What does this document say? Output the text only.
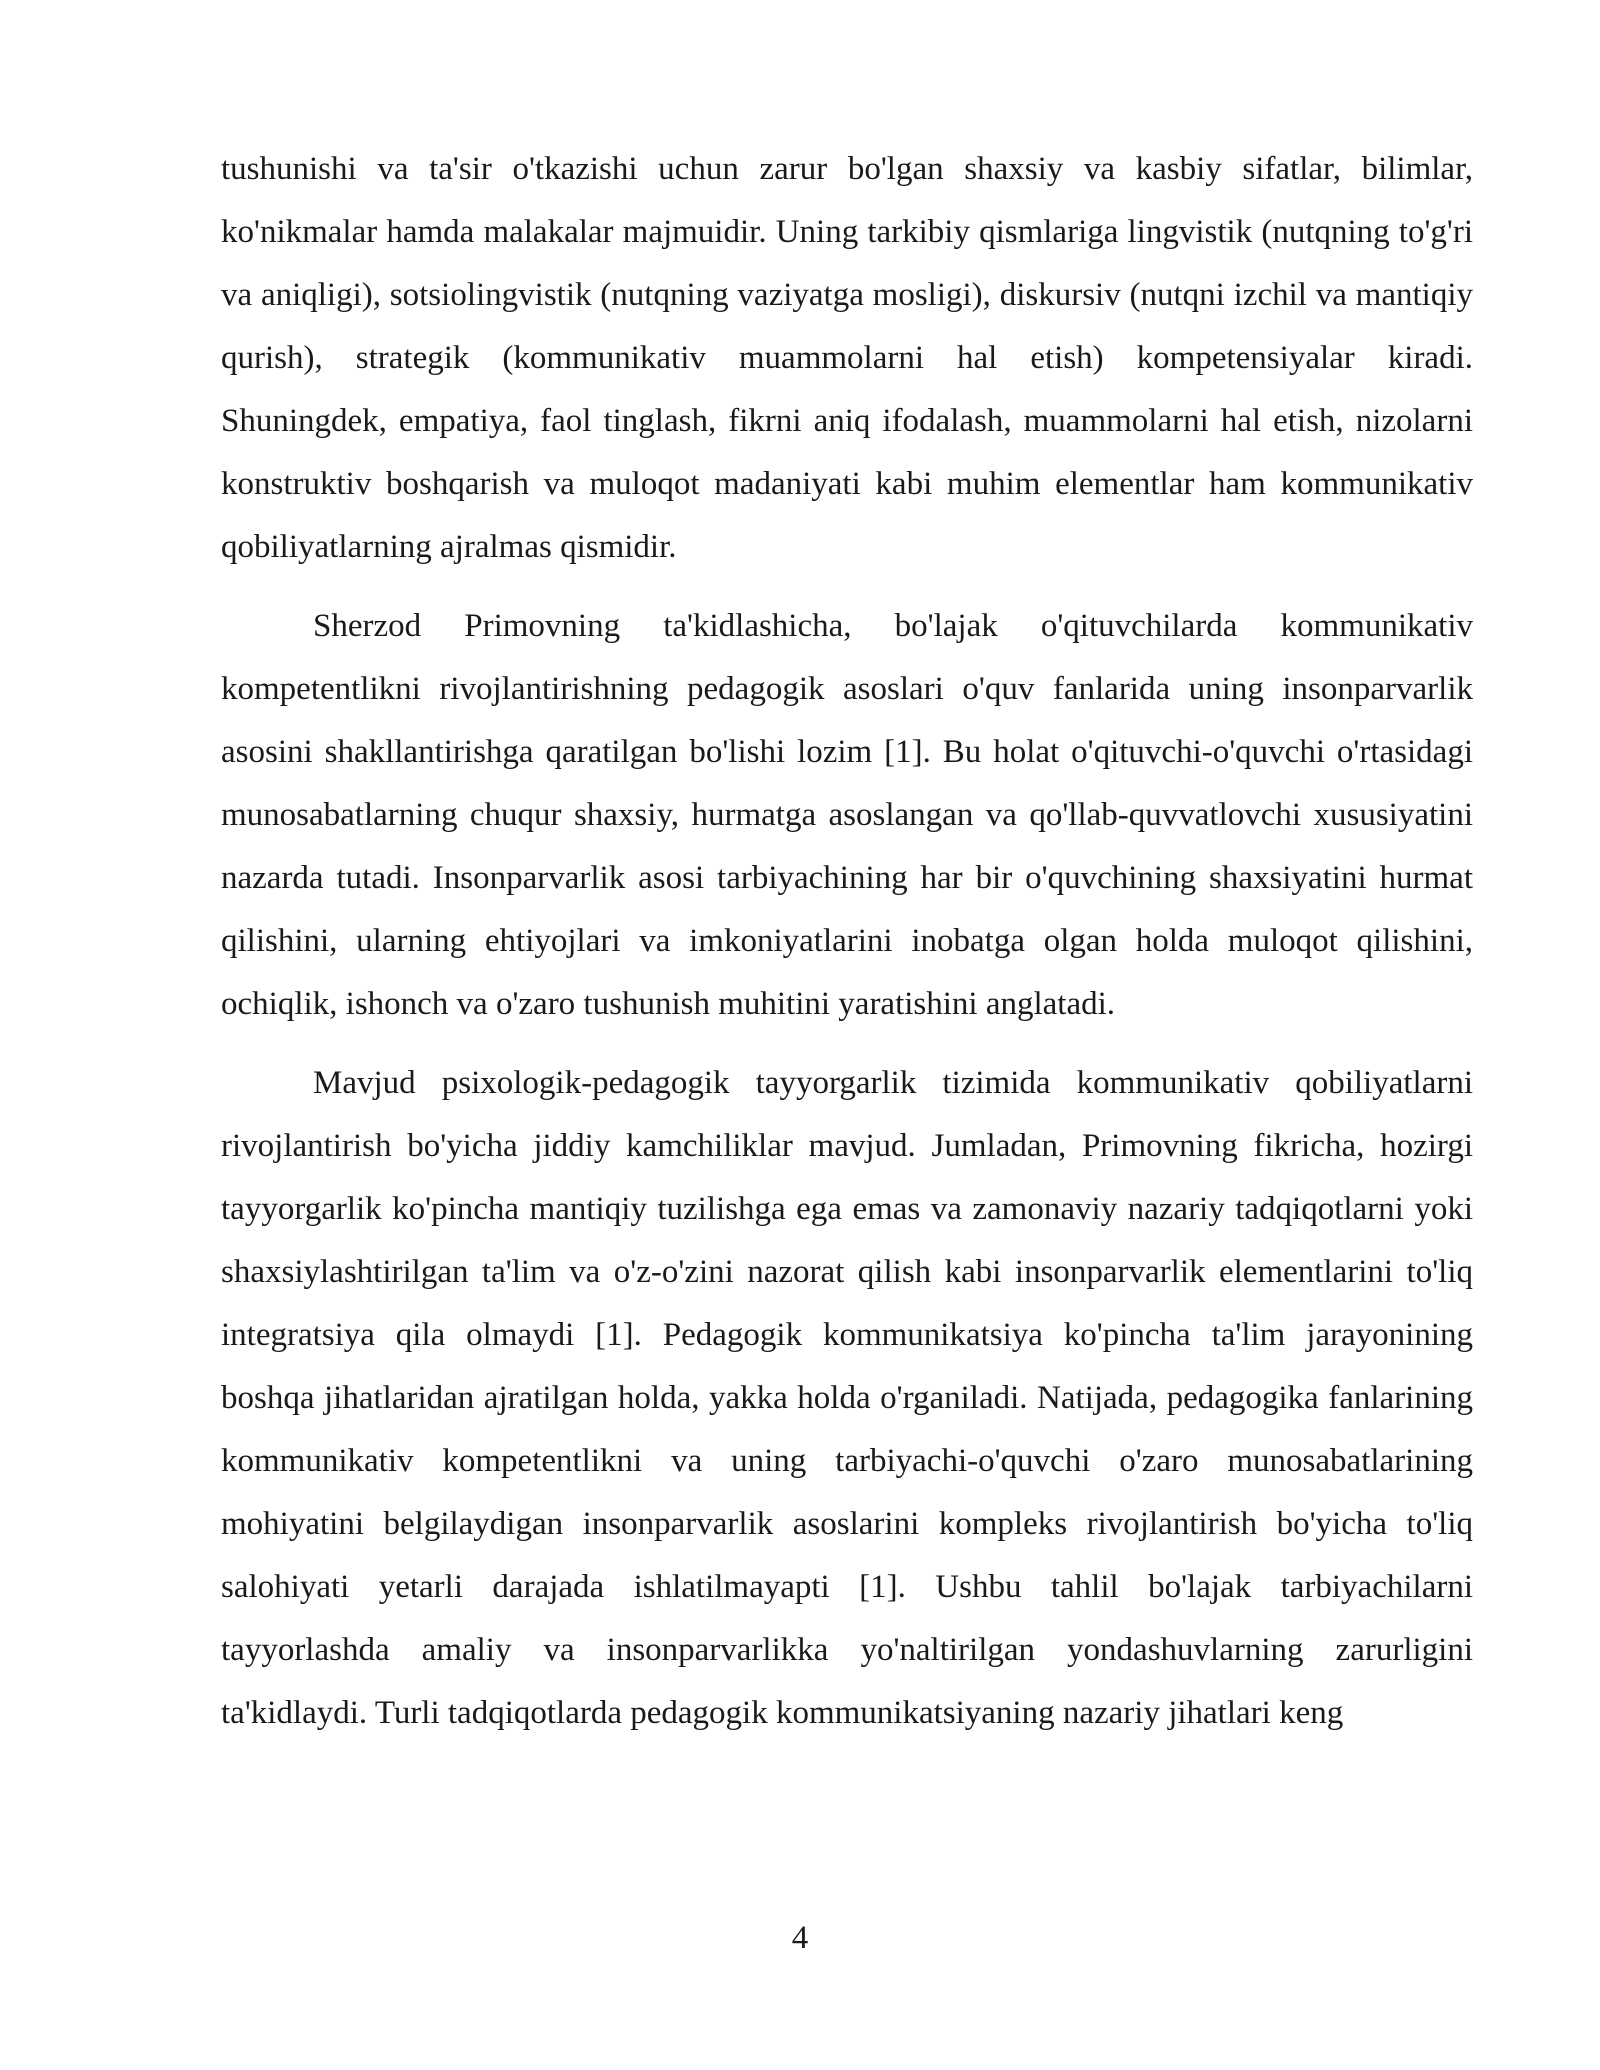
tushunishi va ta'sir o'tkazishi uchun zarur bo'lgan shaxsiy va kasbiy sifatlar, bilimlar, ko'nikmalar hamda malakalar majmuidir. Uning tarkibiy qismlariga lingvistik (nutqning to'g'ri va aniqligi), sotsiolingvistik (nutqning vaziyatga mosligi), diskursiv (nutqni izchil va mantiqiy qurish), strategik (kommunikativ muammolarni hal etish) kompetensiyalar kiradi. Shuningdek, empatiya, faol tinglash, fikrni aniq ifodalash, muammolarni hal etish, nizolarni konstruktiv boshqarish va muloqot madaniyati kabi muhim elementlar ham kommunikativ qobiliyatlarning ajralmas qismidir.

Sherzod Primovning ta'kidlashicha, bo'lajak o'qituvchilarda kommunikativ kompetentlikni rivojlantirishning pedagogik asoslari o'quv fanlarida uning insonparvarlik asosini shakllantirishga qaratilgan bo'lishi lozim [1]. Bu holat o'qituvchi-o'quvchi o'rtasidagi munosabatlarning chuqur shaxsiy, hurmatga asoslangan va qo'llab-quvvatlovchi xususiyatini nazarda tutadi. Insonparvarlik asosi tarbiyachining har bir o'quvchining shaxsiyatini hurmat qilishini, ularning ehtiyojlari va imkoniyatlarini inobatga olgan holda muloqot qilishini, ochiqlik, ishonch va o'zaro tushunish muhitini yaratishini anglatadi.

Mavjud psixologik-pedagogik tayyorgarlik tizimida kommunikativ qobiliyatlarni rivojlantirish bo'yicha jiddiy kamchiliklar mavjud. Jumladan, Primovning fikricha, hozirgi tayyorgarlik ko'pincha mantiqiy tuzilishga ega emas va zamonaviy nazariy tadqiqotlarni yoki shaxsiylashtirilgan ta'lim va o'z-o'zini nazorat qilish kabi insonparvarlik elementlarini to'liq integratsiya qila olmaydi [1]. Pedagogik kommunikatsiya ko'pincha ta'lim jarayonining boshqa jihatlaridan ajratilgan holda, yakka holda o'rganiladi. Natijada, pedagogika fanlarining kommunikativ kompetentlikni va uning tarbiyachi-o'quvchi o'zaro munosabatlarining mohiyatini belgilaydigan insonparvarlik asoslarini kompleks rivojlantirish bo'yicha to'liq salohiyati yetarli darajada ishlatilmayapti [1]. Ushbu tahlil bo'lajak tarbiyachilarni tayyorlashda amaliy va insonparvarlikka yo'naltirilgan yondashuvlarning zarurligini ta'kidlaydi. Turli tadqiqotlarda pedagogik kommunikatsiyaning nazariy jihatlari keng

4
